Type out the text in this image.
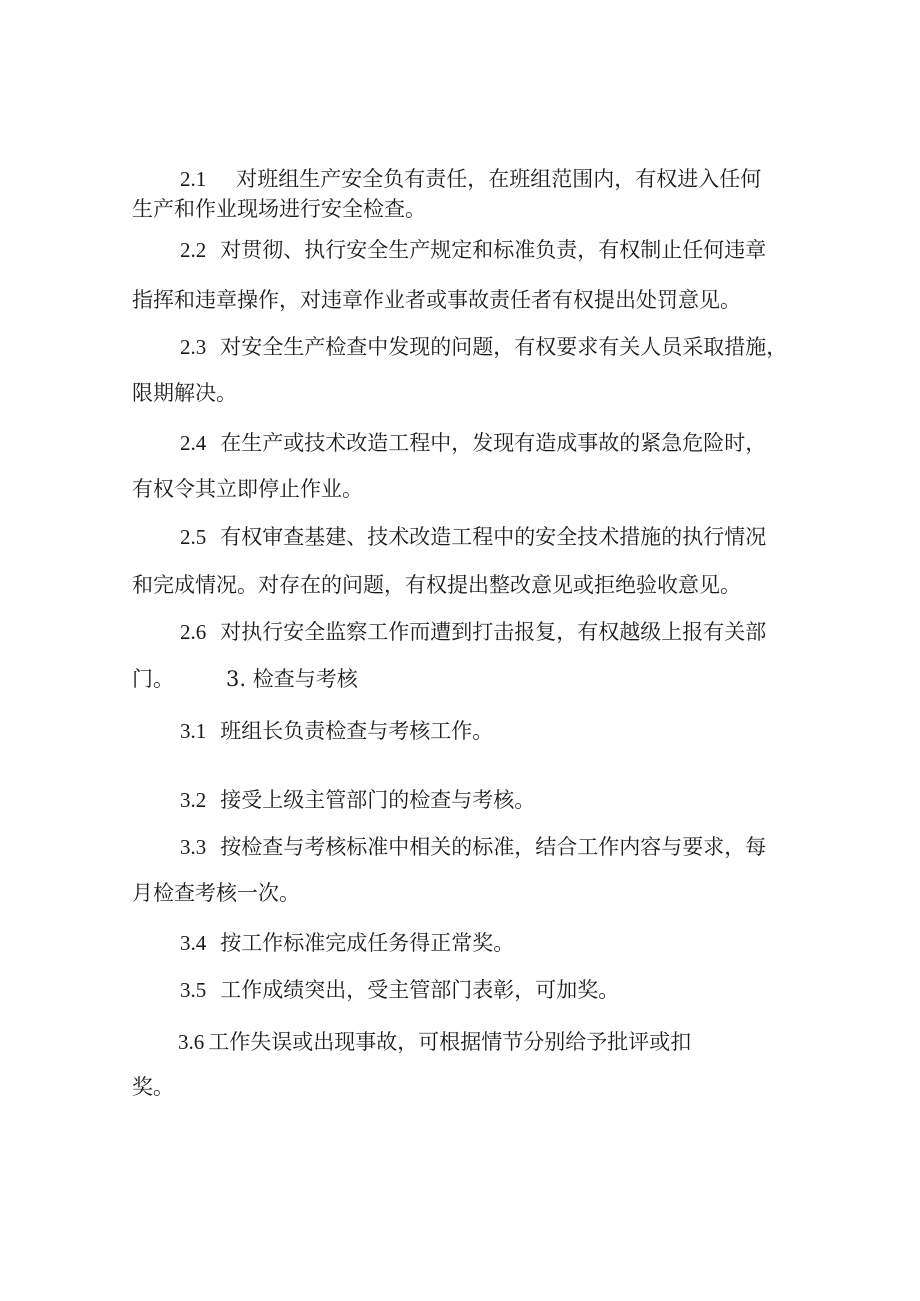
2.1 对班组生产安全负有责任，在班组范围内，有权进入任何
生产和作业现场进行安全检查。
2.2 对贯彻、执行安全生产规定和标准负责，有权制止任何违章
指挥和违章操作，对违章作业者或事故责任者有权提出处罚意见。
2.3 对安全生产检查中发现的问题，有权要求有关人员采取措施，
限期解决。
2.4 在生产或技术改造工程中，发现有造成事故的紧急危险时，
有权令其立即停止作业。
2.5 有权审查基建、技术改造工程中的安全技术措施的执行情况
和完成情况。对存在的问题，有权提出整改意见或拒绝验收意见。
2.6 对执行安全监察工作而遭到打击报复，有权越级上报有关部
门。 3. 检查与考核
3.1 班组长负责检查与考核工作。
3.2 接受上级主管部门的检查与考核。
3.3 按检查与考核标准中相关的标准，结合工作内容与要求，每
月检查考核一次。
3.4 按工作标准完成任务得正常奖。
3.5 工作成绩突出，受主管部门表彰，可加奖。
3.6 工作失误或出现事故，可根据情节分别给予批评或扣
奖。
